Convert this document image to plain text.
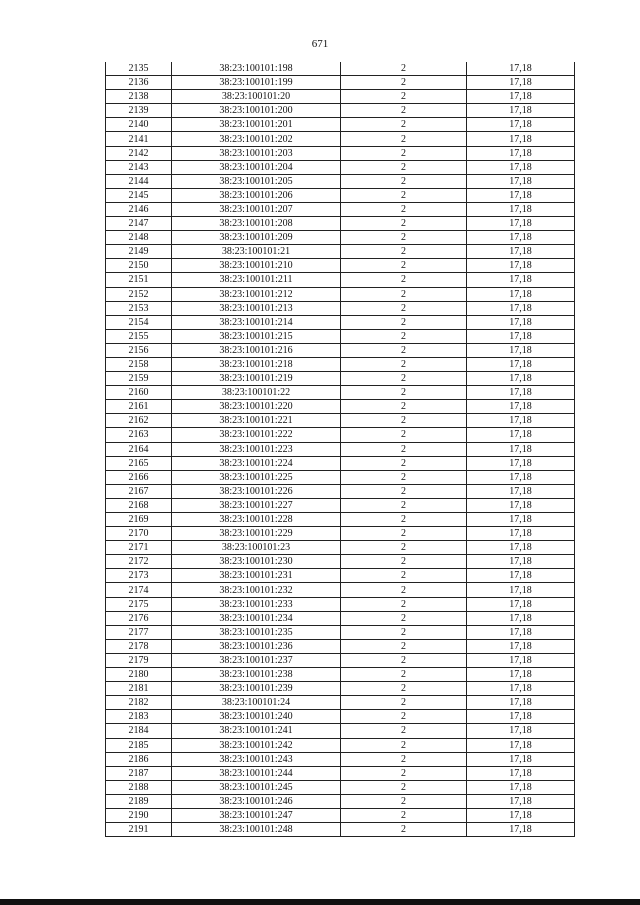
671
2135	38:23:100101:198	2	17,18
2136	38:23:100101:199	2	17,18
2138	38:23:100101:20	2	17,18
2139	38:23:100101:200	2	17,18
2140	38:23:100101:201	2	17,18
2141	38:23:100101:202	2	17,18
2142	38:23:100101:203	2	17,18
2143	38:23:100101:204	2	17,18
2144	38:23:100101:205	2	17,18
2145	38:23:100101:206	2	17,18
2146	38:23:100101:207	2	17,18
2147	38:23:100101:208	2	17,18
2148	38:23:100101:209	2	17,18
2149	38:23:100101:21	2	17,18
2150	38:23:100101:210	2	17,18
2151	38:23:100101:211	2	17,18
2152	38:23:100101:212	2	17,18
2153	38:23:100101:213	2	17,18
2154	38:23:100101:214	2	17,18
2155	38:23:100101:215	2	17,18
2156	38:23:100101:216	2	17,18
2158	38:23:100101:218	2	17,18
2159	38:23:100101:219	2	17,18
2160	38:23:100101:22	2	17,18
2161	38:23:100101:220	2	17,18
2162	38:23:100101:221	2	17,18
2163	38:23:100101:222	2	17,18
2164	38:23:100101:223	2	17,18
2165	38:23:100101:224	2	17,18
2166	38:23:100101:225	2	17,18
2167	38:23:100101:226	2	17,18
2168	38:23:100101:227	2	17,18
2169	38:23:100101:228	2	17,18
2170	38:23:100101:229	2	17,18
2171	38:23:100101:23	2	17,18
2172	38:23:100101:230	2	17,18
2173	38:23:100101:231	2	17,18
2174	38:23:100101:232	2	17,18
2175	38:23:100101:233	2	17,18
2176	38:23:100101:234	2	17,18
2177	38:23:100101:235	2	17,18
2178	38:23:100101:236	2	17,18
2179	38:23:100101:237	2	17,18
2180	38:23:100101:238	2	17,18
2181	38:23:100101:239	2	17,18
2182	38:23:100101:24	2	17,18
2183	38:23:100101:240	2	17,18
2184	38:23:100101:241	2	17,18
2185	38:23:100101:242	2	17,18
2186	38:23:100101:243	2	17,18
2187	38:23:100101:244	2	17,18
2188	38:23:100101:245	2	17,18
2189	38:23:100101:246	2	17,18
2190	38:23:100101:247	2	17,18
2191	38:23:100101:248	2	17,18
